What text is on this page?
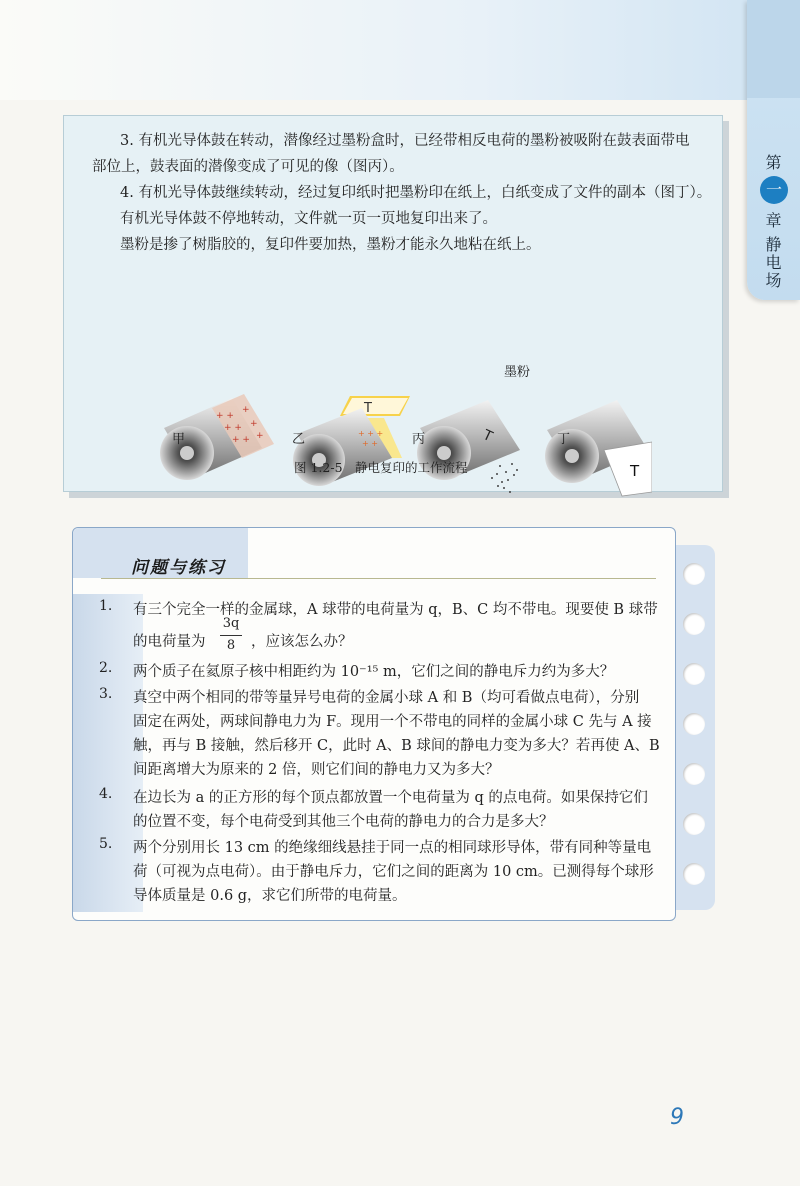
第
一
章
静
电
场

3. 有机光导体鼓在转动，潜像经过墨粉盒时，已经带相反电荷的墨粉被吸附在鼓表面带电

部位上，鼓表面的潜像变成了可见的像（图丙）。

4. 有机光导体鼓继续转动，经过复印纸时把墨粉印在纸上，白纸变成了文件的副本（图丁）。

有机光导体鼓不停地转动，文件就一页一页地复印出来了。

墨粉是掺了树脂胶的，复印件要加热，墨粉才能永久地粘在纸上。

+ +
+ +
+ +
+
+
+
T
+ + +
+ +	T
T
墨粉
甲	乙	丙	丁
图 1.2-5　静电复印的工作流程
问题与练习
1. 有三个完全一样的金属球，A 球带的电荷量为 q，B、C 均不带电。现要使 B 球带
的电荷量为
3q
8	，应该怎么办？
2. 两个质子在氦原子核中相距约为 10⁻¹⁵ m，它们之间的静电斥力约为多大？
3. 真空中两个相同的带等量异号电荷的金属小球 A 和 B（均可看做点电荷），分别
固定在两处，两球间静电力为 F。现用一个不带电的同样的金属小球 C 先与 A 接
触，再与 B 接触，然后移开 C，此时 A、B 球间的静电力变为多大？若再使 A、B
间距离增大为原来的 2 倍，则它们间的静电力又为多大？
4. 在边长为 a 的正方形的每个顶点都放置一个电荷量为 q 的点电荷。如果保持它们
的位置不变，每个电荷受到其他三个电荷的静电力的合力是多大？
5. 两个分别用长 13 cm 的绝缘细线悬挂于同一点的相同球形导体，带有同种等量电
荷（可视为点电荷）。由于静电斥力，它们之间的距离为 10 cm。已测得每个球形
导体质量是 0.6 g，求它们所带的电荷量。
9
